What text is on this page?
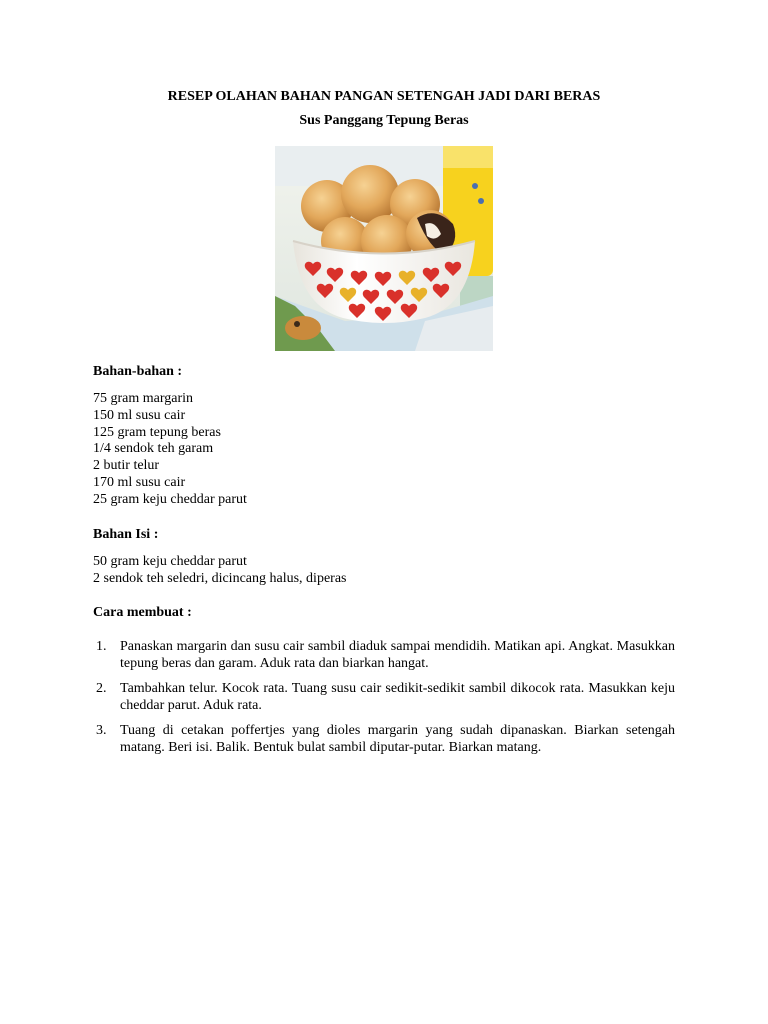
RESEP OLAHAN BAHAN PANGAN SETENGAH JADI DARI BERAS
Sus Panggang Tepung Beras
Bahan-bahan :
75 gram margarin
150 ml susu cair
125 gram tepung beras
1/4 sendok teh garam
2 butir telur
170 ml susu cair
25 gram keju cheddar parut
Bahan Isi :
50 gram keju cheddar parut
2 sendok teh seledri, dicincang halus, diperas
Cara membuat :
1. Panaskan margarin dan susu cair sambil diaduk sampai mendidih. Matikan api. Angkat. Masukkan tepung beras dan garam. Aduk rata dan biarkan hangat.
2. Tambahkan telur. Kocok rata. Tuang susu cair sedikit-sedikit sambil dikocok rata. Masukkan keju cheddar parut. Aduk rata.
3. Tuang di cetakan poffertjes yang dioles margarin yang sudah dipanaskan. Biarkan setengah matang. Beri isi. Balik. Bentuk bulat sambil diputar-putar. Biarkan matang.
